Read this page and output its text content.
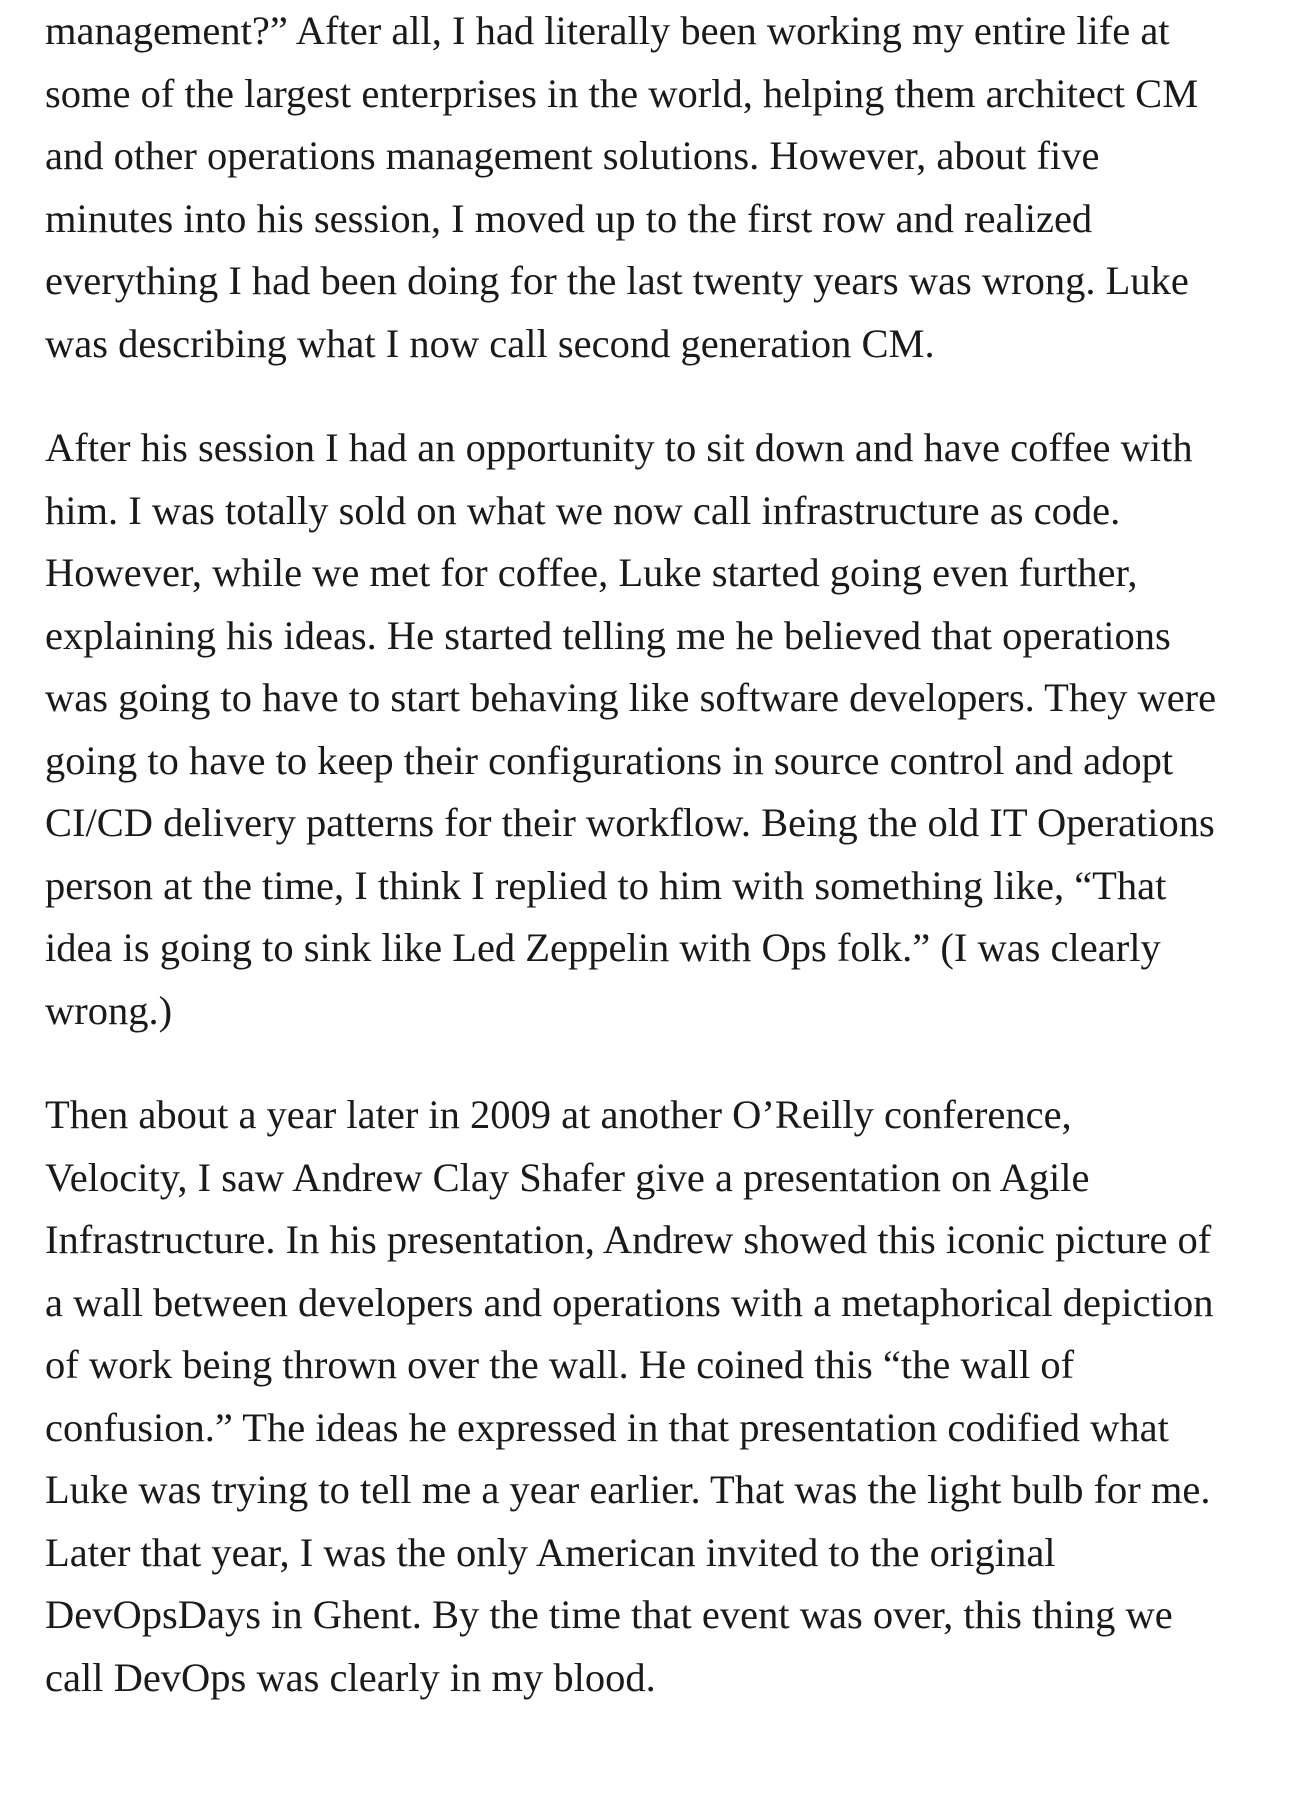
management?” After all, I had literally been working my entire life at
some of the largest enterprises in the world, helping them architect CM
and other operations management solutions. However, about five
minutes into his session, I moved up to the first row and realized
everything I had been doing for the last twenty years was wrong. Luke
was describing what I now call second generation CM.

After his session I had an opportunity to sit down and have coffee with
him. I was totally sold on what we now call infrastructure as code.
However, while we met for coffee, Luke started going even further,
explaining his ideas. He started telling me he believed that operations
was going to have to start behaving like software developers. They were
going to have to keep their configurations in source control and adopt
CI/CD delivery patterns for their workflow. Being the old IT Operations
person at the time, I think I replied to him with something like, “That
idea is going to sink like Led Zeppelin with Ops folk.” (I was clearly
wrong.)

Then about a year later in 2009 at another O’Reilly conference,
Velocity, I saw Andrew Clay Shafer give a presentation on Agile
Infrastructure. In his presentation, Andrew showed this iconic picture of
a wall between developers and operations with a metaphorical depiction
of work being thrown over the wall. He coined this “the wall of
confusion.” The ideas he expressed in that presentation codified what
Luke was trying to tell me a year earlier. That was the light bulb for me.
Later that year, I was the only American invited to the original
DevOpsDays in Ghent. By the time that event was over, this thing we
call DevOps was clearly in my blood.
